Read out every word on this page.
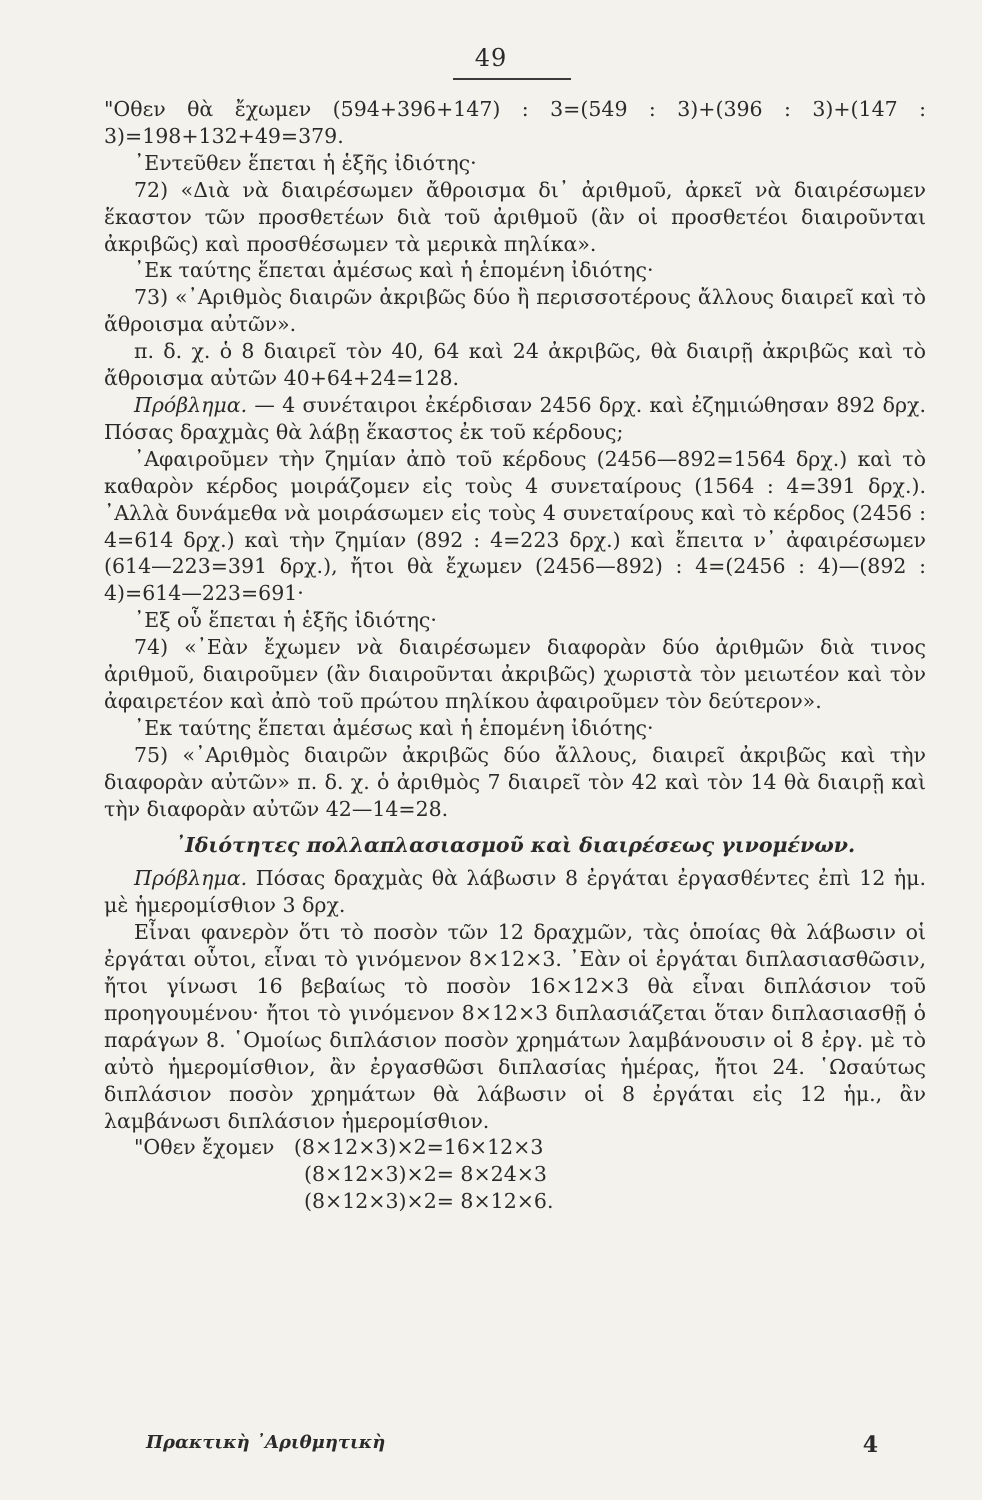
49

"Οθεν θὰ ἔχωμεν (594+396+147) : 3=(549 : 3)+(396 : 3)+(147 : 3)=198+132+49=379.

᾽Εντεῦθεν ἕπεται ἡ ἑξῆς ἰδιότης·

72) «Διὰ νὰ διαιρέσωμεν ἄθροισμα δι᾽ ἀριθμοῦ, ἀρκεῖ νὰ διαιρέσωμεν ἕκαστον τῶν προσθετέων διὰ τοῦ ἀριθμοῦ (ἂν οἱ προσθετέοι διαιροῦνται ἀκριβῶς) καὶ προσθέσωμεν τὰ μερικὰ πηλίκα».

᾽Εκ ταύτης ἕπεται ἀμέσως καὶ ἡ ἑπομένη ἰδιότης·

73) «᾽Αριθμὸς διαιρῶν ἀκριβῶς δύο ἢ περισσοτέρους ἄλλους διαιρεῖ καὶ τὸ ἄθροισμα αὐτῶν».

π. δ. χ. ὁ 8 διαιρεῖ τὸν 40, 64 καὶ 24 ἀκριβῶς, θὰ διαιρῇ ἀκριβῶς καὶ τὸ ἄθροισμα αὐτῶν 40+64+24=128.

Πρόβλημα. — 4 συνέταιροι ἐκέρδισαν 2456 δρχ. καὶ ἐζημιώθησαν 892 δρχ. Πόσας δραχμὰς θὰ λάβῃ ἕκαστος ἐκ τοῦ κέρδους;

᾽Αφαιροῦμεν τὴν ζημίαν ἀπὸ τοῦ κέρδους (2456—892=1564 δρχ.) καὶ τὸ καθαρὸν κέρδος μοιράζομεν εἰς τοὺς 4 συνεταίρους (1564 : 4=391 δρχ.). ᾽Αλλὰ δυνάμεθα νὰ μοιράσωμεν εἰς τοὺς 4 συνεταίρους καὶ τὸ κέρδος (2456 : 4=614 δρχ.) καὶ τὴν ζημίαν (892 : 4=223 δρχ.) καὶ ἔπειτα ν᾽ ἀφαιρέσωμεν (614—223=391 δρχ.), ἤτοι θὰ ἔχωμεν (2456—892) : 4=(2456 : 4)—(892 : 4)=614—223=691·

᾽Εξ οὗ ἕπεται ἡ ἑξῆς ἰδιότης·

74) «᾽Εὰν ἔχωμεν νὰ διαιρέσωμεν διαφορὰν δύο ἀριθμῶν διὰ τινος ἀριθμοῦ, διαιροῦμεν (ἂν διαιροῦνται ἀκριβῶς) χωριστὰ τὸν μειωτέον καὶ τὸν ἀφαιρετέον καὶ ἀπὸ τοῦ πρώτου πηλίκου ἀφαιροῦμεν τὸν δεύτερον».

᾽Εκ ταύτης ἕπεται ἀμέσως καὶ ἡ ἑπομένη ἰδιότης·

75) «᾽Αριθμὸς διαιρῶν ἀκριβῶς δύο ἄλλους, διαιρεῖ ἀκριβῶς καὶ τὴν διαφορὰν αὐτῶν» π. δ. χ. ὁ ἀριθμὸς 7 διαιρεῖ τὸν 42 καὶ τὸν 14 θὰ διαιρῇ καὶ τὴν διαφορὰν αὐτῶν 42—14=28.

᾽Ιδιότητες πολλαπλασιασμοῦ καὶ διαιρέσεως γινομένων.

Πρόβλημα. Πόσας δραχμὰς θὰ λάβωσιν 8 ἐργάται ἐργασθέντες ἐπὶ 12 ἡμ. μὲ ἡμερομίσθιον 3 δρχ.

Εἶναι φανερὸν ὅτι τὸ ποσὸν τῶν 12 δραχμῶν, τὰς ὁποίας θὰ λάβωσιν οἱ ἐργάται οὗτοι, εἶναι τὸ γινόμενον 8×12×3. ᾽Εὰν οἱ ἐργάται διπλασιασθῶσιν, ἤτοι γίνωσι 16 βεβαίως τὸ ποσὸν 16×12×3 θὰ εἶναι διπλάσιον τοῦ προηγουμένου· ἤτοι τὸ γινόμενον 8×12×3 διπλασιάζεται ὅταν διπλασιασθῇ ὁ παράγων 8. ῾Ομοίως διπλάσιον ποσὸν χρημάτων λαμβάνουσιν οἱ 8 ἐργ. μὲ τὸ αὐτὸ ἡμερομίσθιον, ἂν ἐργασθῶσι διπλασίας ἡμέρας, ἤτοι 24. ῾Ωσαύτως διπλάσιον ποσὸν χρημάτων θὰ λάβωσιν οἱ 8 ἐργάται εἰς 12 ἡμ., ἂν λαμβάνωσι διπλάσιον ἡμερομίσθιον.

"Οθεν ἔχομεν (8×12×3)×2=16×12×3

(8×12×3)×2= 8×24×3

(8×12×3)×2= 8×12×6.

Πρακτικὴ ᾽Αριθμητικὴ	4
